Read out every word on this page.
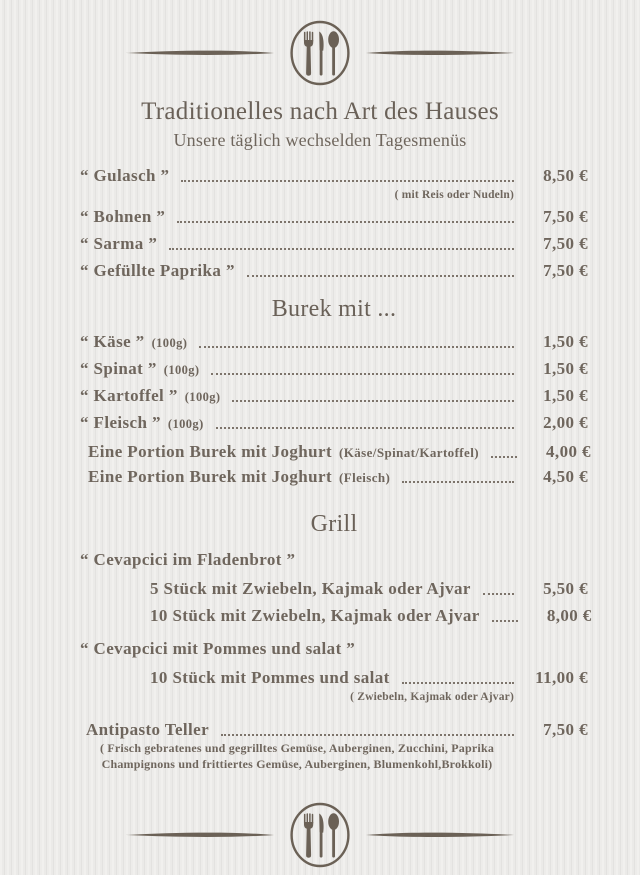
Traditionelles nach Art des Hauses
Unsere täglich wechselden Tagesmenüs
“ Gulasch ”	8,50 €
( mit Reis oder Nudeln)
“ Bohnen ”	7,50 €
“ Sarma ”	7,50 €
“ Gefüllte Paprika ”	7,50 €
Burek mit ...
“ Käse ” (100g)	1,50 €
“ Spinat ” (100g)	1,50 €
“ Kartoffel ” (100g)	1,50 €
“ Fleisch ” (100g)	2,00 €
Eine Portion Burek mit Joghurt (Käse/Spinat/Kartoffel)	4,00 €
Eine Portion Burek mit Joghurt (Fleisch)	4,50 €
Grill
“ Cevapcici im Fladenbrot ”
5 Stück mit Zwiebeln, Kajmak oder Ajvar	5,50 €
10 Stück mit Zwiebeln, Kajmak oder Ajvar	8,00 €
“ Cevapcici mit Pommes und salat ”
10 Stück mit Pommes und salat	11,00 €
( Zwiebeln, Kajmak oder Ajvar)
Antipasto Teller	7,50 €
( Frisch gebratenes und gegrilltes Gemüse, Auberginen, Zucchini, Paprika
Champignons und frittiertes Gemüse, Auberginen, Blumenkohl,Brokkoli)
